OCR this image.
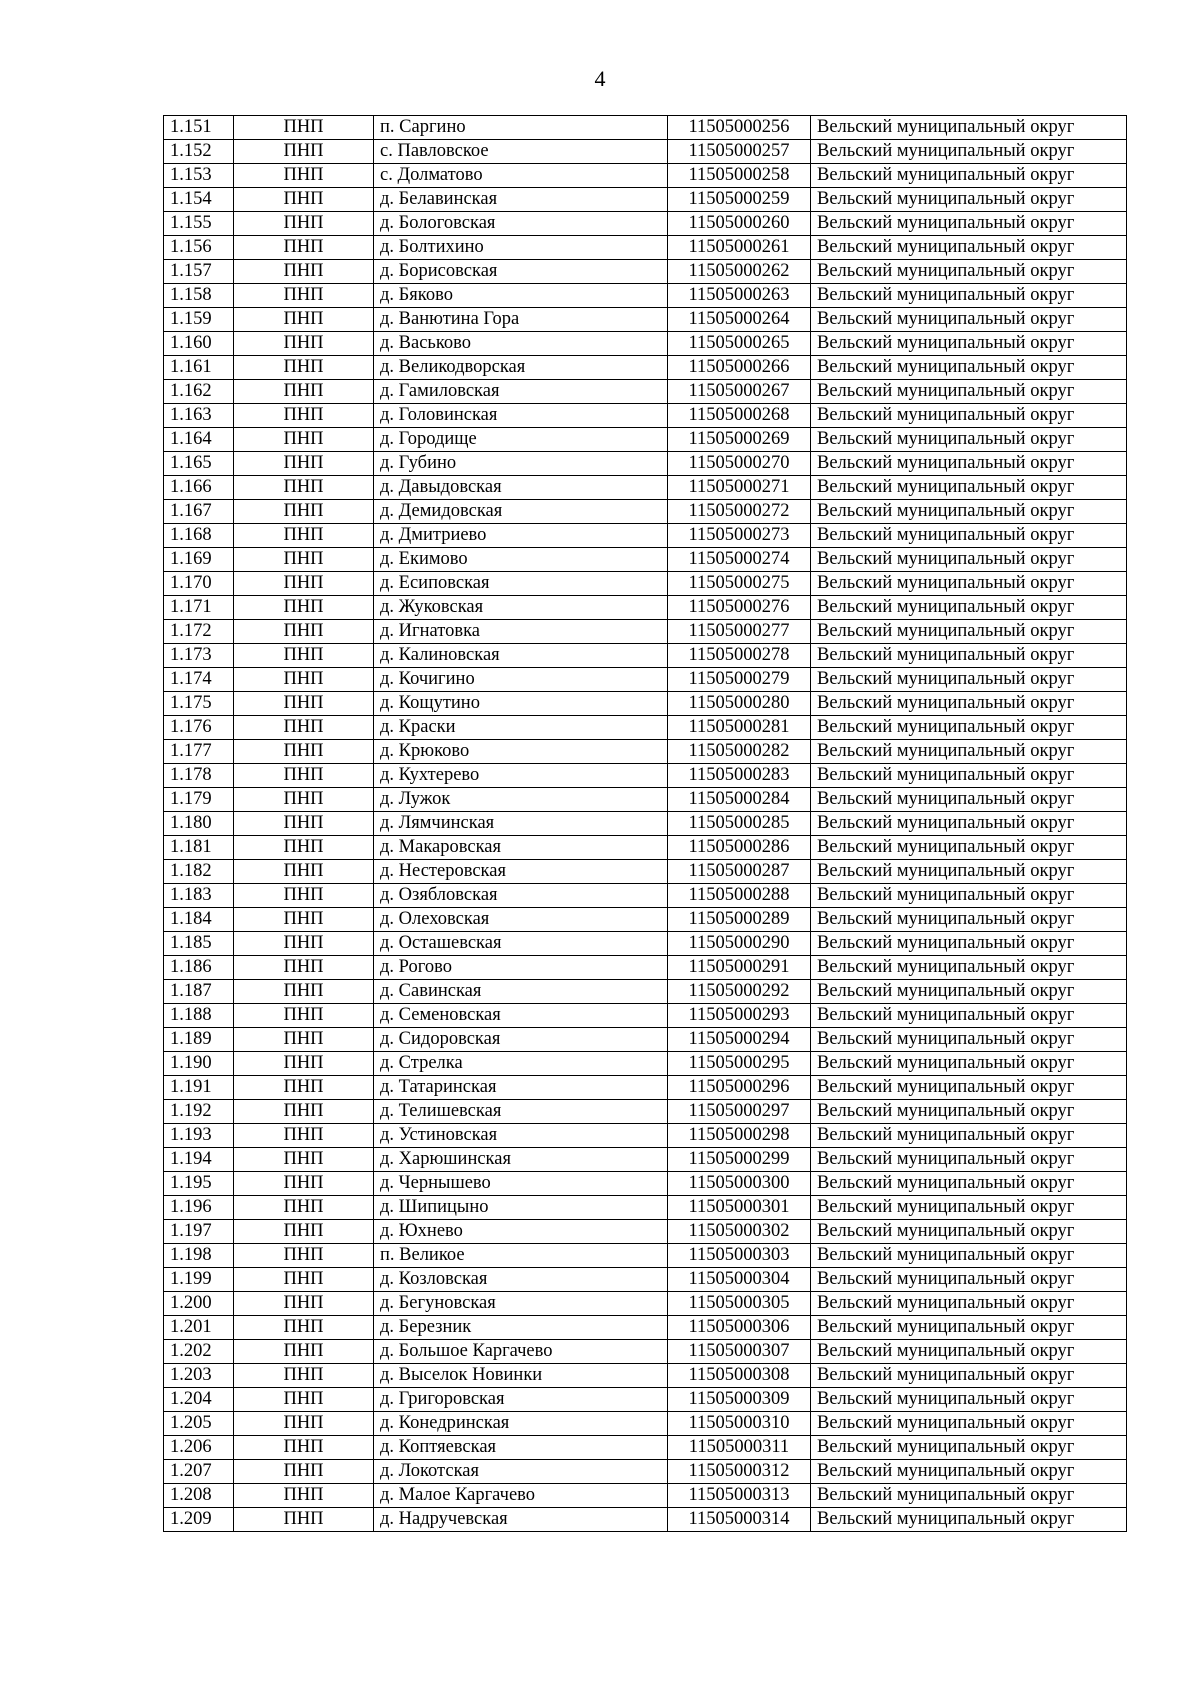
4
1.151	ПНП	п. Саргино	11505000256	Вельский муниципальный округ
1.152	ПНП	с. Павловское	11505000257	Вельский муниципальный округ
1.153	ПНП	с. Долматово	11505000258	Вельский муниципальный округ
1.154	ПНП	д. Белавинская	11505000259	Вельский муниципальный округ
1.155	ПНП	д. Бологовская	11505000260	Вельский муниципальный округ
1.156	ПНП	д. Болтихино	11505000261	Вельский муниципальный округ
1.157	ПНП	д. Борисовская	11505000262	Вельский муниципальный округ
1.158	ПНП	д. Бяково	11505000263	Вельский муниципальный округ
1.159	ПНП	д. Ванютина Гора	11505000264	Вельский муниципальный округ
1.160	ПНП	д. Васьково	11505000265	Вельский муниципальный округ
1.161	ПНП	д. Великодворская	11505000266	Вельский муниципальный округ
1.162	ПНП	д. Гамиловская	11505000267	Вельский муниципальный округ
1.163	ПНП	д. Головинская	11505000268	Вельский муниципальный округ
1.164	ПНП	д. Городище	11505000269	Вельский муниципальный округ
1.165	ПНП	д. Губино	11505000270	Вельский муниципальный округ
1.166	ПНП	д. Давыдовская	11505000271	Вельский муниципальный округ
1.167	ПНП	д. Демидовская	11505000272	Вельский муниципальный округ
1.168	ПНП	д. Дмитриево	11505000273	Вельский муниципальный округ
1.169	ПНП	д. Екимово	11505000274	Вельский муниципальный округ
1.170	ПНП	д. Есиповская	11505000275	Вельский муниципальный округ
1.171	ПНП	д. Жуковская	11505000276	Вельский муниципальный округ
1.172	ПНП	д. Игнатовка	11505000277	Вельский муниципальный округ
1.173	ПНП	д. Калиновская	11505000278	Вельский муниципальный округ
1.174	ПНП	д. Кочигино	11505000279	Вельский муниципальный округ
1.175	ПНП	д. Кощутино	11505000280	Вельский муниципальный округ
1.176	ПНП	д. Краски	11505000281	Вельский муниципальный округ
1.177	ПНП	д. Крюково	11505000282	Вельский муниципальный округ
1.178	ПНП	д. Кухтерево	11505000283	Вельский муниципальный округ
1.179	ПНП	д. Лужок	11505000284	Вельский муниципальный округ
1.180	ПНП	д. Лямчинская	11505000285	Вельский муниципальный округ
1.181	ПНП	д. Макаровская	11505000286	Вельский муниципальный округ
1.182	ПНП	д. Нестеровская	11505000287	Вельский муниципальный округ
1.183	ПНП	д. Озябловская	11505000288	Вельский муниципальный округ
1.184	ПНП	д. Олеховская	11505000289	Вельский муниципальный округ
1.185	ПНП	д. Осташевская	11505000290	Вельский муниципальный округ
1.186	ПНП	д. Рогово	11505000291	Вельский муниципальный округ
1.187	ПНП	д. Савинская	11505000292	Вельский муниципальный округ
1.188	ПНП	д. Семеновская	11505000293	Вельский муниципальный округ
1.189	ПНП	д. Сидоровская	11505000294	Вельский муниципальный округ
1.190	ПНП	д. Стрелка	11505000295	Вельский муниципальный округ
1.191	ПНП	д. Татаринская	11505000296	Вельский муниципальный округ
1.192	ПНП	д. Телишевская	11505000297	Вельский муниципальный округ
1.193	ПНП	д. Устиновская	11505000298	Вельский муниципальный округ
1.194	ПНП	д. Харюшинская	11505000299	Вельский муниципальный округ
1.195	ПНП	д. Чернышево	11505000300	Вельский муниципальный округ
1.196	ПНП	д. Шипицыно	11505000301	Вельский муниципальный округ
1.197	ПНП	д. Юхнево	11505000302	Вельский муниципальный округ
1.198	ПНП	п. Великое	11505000303	Вельский муниципальный округ
1.199	ПНП	д. Козловская	11505000304	Вельский муниципальный округ
1.200	ПНП	д. Бегуновская	11505000305	Вельский муниципальный округ
1.201	ПНП	д. Березник	11505000306	Вельский муниципальный округ
1.202	ПНП	д. Большое Каргачево	11505000307	Вельский муниципальный округ
1.203	ПНП	д. Выселок Новинки	11505000308	Вельский муниципальный округ
1.204	ПНП	д. Григоровская	11505000309	Вельский муниципальный округ
1.205	ПНП	д. Конедринская	11505000310	Вельский муниципальный округ
1.206	ПНП	д. Коптяевская	11505000311	Вельский муниципальный округ
1.207	ПНП	д. Локотская	11505000312	Вельский муниципальный округ
1.208	ПНП	д. Малое Каргачево	11505000313	Вельский муниципальный округ
1.209	ПНП	д. Надручевская	11505000314	Вельский муниципальный округ
